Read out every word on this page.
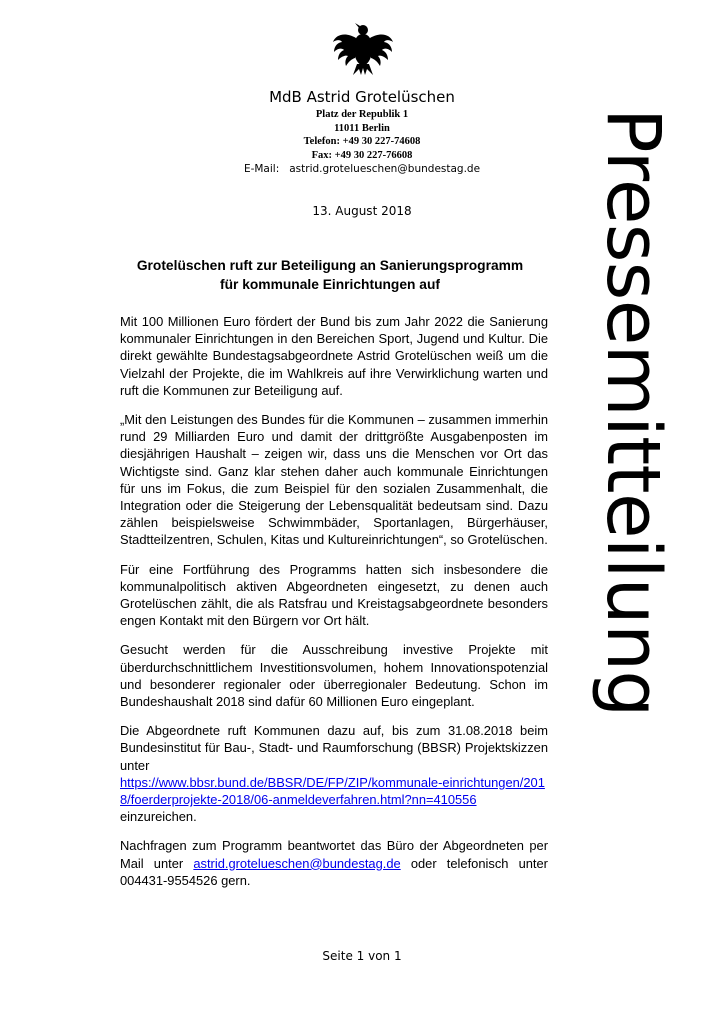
MdB Astrid Grotelüschen
Platz der Republik 1
11011 Berlin
Telefon: +49 30 227-74608
Fax: +49 30 227-76608
E-Mail: astrid.grotelueschen@bundestag.de
13. August 2018
Grotelüschen ruft zur Beteiligung an Sanierungsprogramm
für kommunale Einrichtungen auf

Mit 100 Millionen Euro fördert der Bund bis zum Jahr 2022 die Sanierung kommunaler Einrichtungen in den Bereichen Sport, Jugend und Kultur. Die direkt gewählte Bundestagsabgeordnete Astrid Grotelüschen weiß um die Vielzahl der Projekte, die im Wahlkreis auf ihre Verwirklichung warten und ruft die Kommunen zur Beteiligung auf.

„Mit den Leistungen des Bundes für die Kommunen – zusammen immerhin rund 29 Milliarden Euro und damit der drittgrößte Ausgabenposten im diesjährigen Haushalt – zeigen wir, dass uns die Menschen vor Ort das Wichtigste sind. Ganz klar stehen daher auch kommunale Einrichtungen für uns im Fokus, die zum Beispiel für den sozialen Zusammenhalt, die Integration oder die Steigerung der Lebensqualität bedeutsam sind. Dazu zählen beispielsweise Schwimmbäder, Sportanlagen, Bürgerhäuser, Stadtteilzentren, Schulen, Kitas und Kultureinrichtungen“, so Grotelüschen.

Für eine Fortführung des Programms hatten sich insbesondere die kommunalpolitisch aktiven Abgeordneten eingesetzt, zu denen auch Grotelüschen zählt, die als Ratsfrau und Kreistagsabgeordnete besonders engen Kontakt mit den Bürgern vor Ort hält.

Gesucht werden für die Ausschreibung investive Projekte mit überdurchschnittlichem Investitionsvolumen, hohem Innovationspotenzial und besonderer regionaler oder überregionaler Bedeutung. Schon im Bundeshaushalt 2018 sind dafür 60 Millionen Euro eingeplant.

Die Abgeordnete ruft Kommunen dazu auf, bis zum 31.08.2018 beim Bundesinstitut für Bau-, Stadt- und Raumforschung (BBSR) Projektskizzen unter
https://www.bbsr.bund.de/BBSR/DE/FP/ZIP/kommunale-einrichtungen/2018/foerderprojekte-2018/06-anmeldeverfahren.html?nn=410556 einzureichen.

Nachfragen zum Programm beantwortet das Büro der Abgeordneten per Mail unter astrid.grotelueschen@bundestag.de oder telefonisch unter 004431-9554526 gern.

Pressemitteilung
Seite 1 von 1
